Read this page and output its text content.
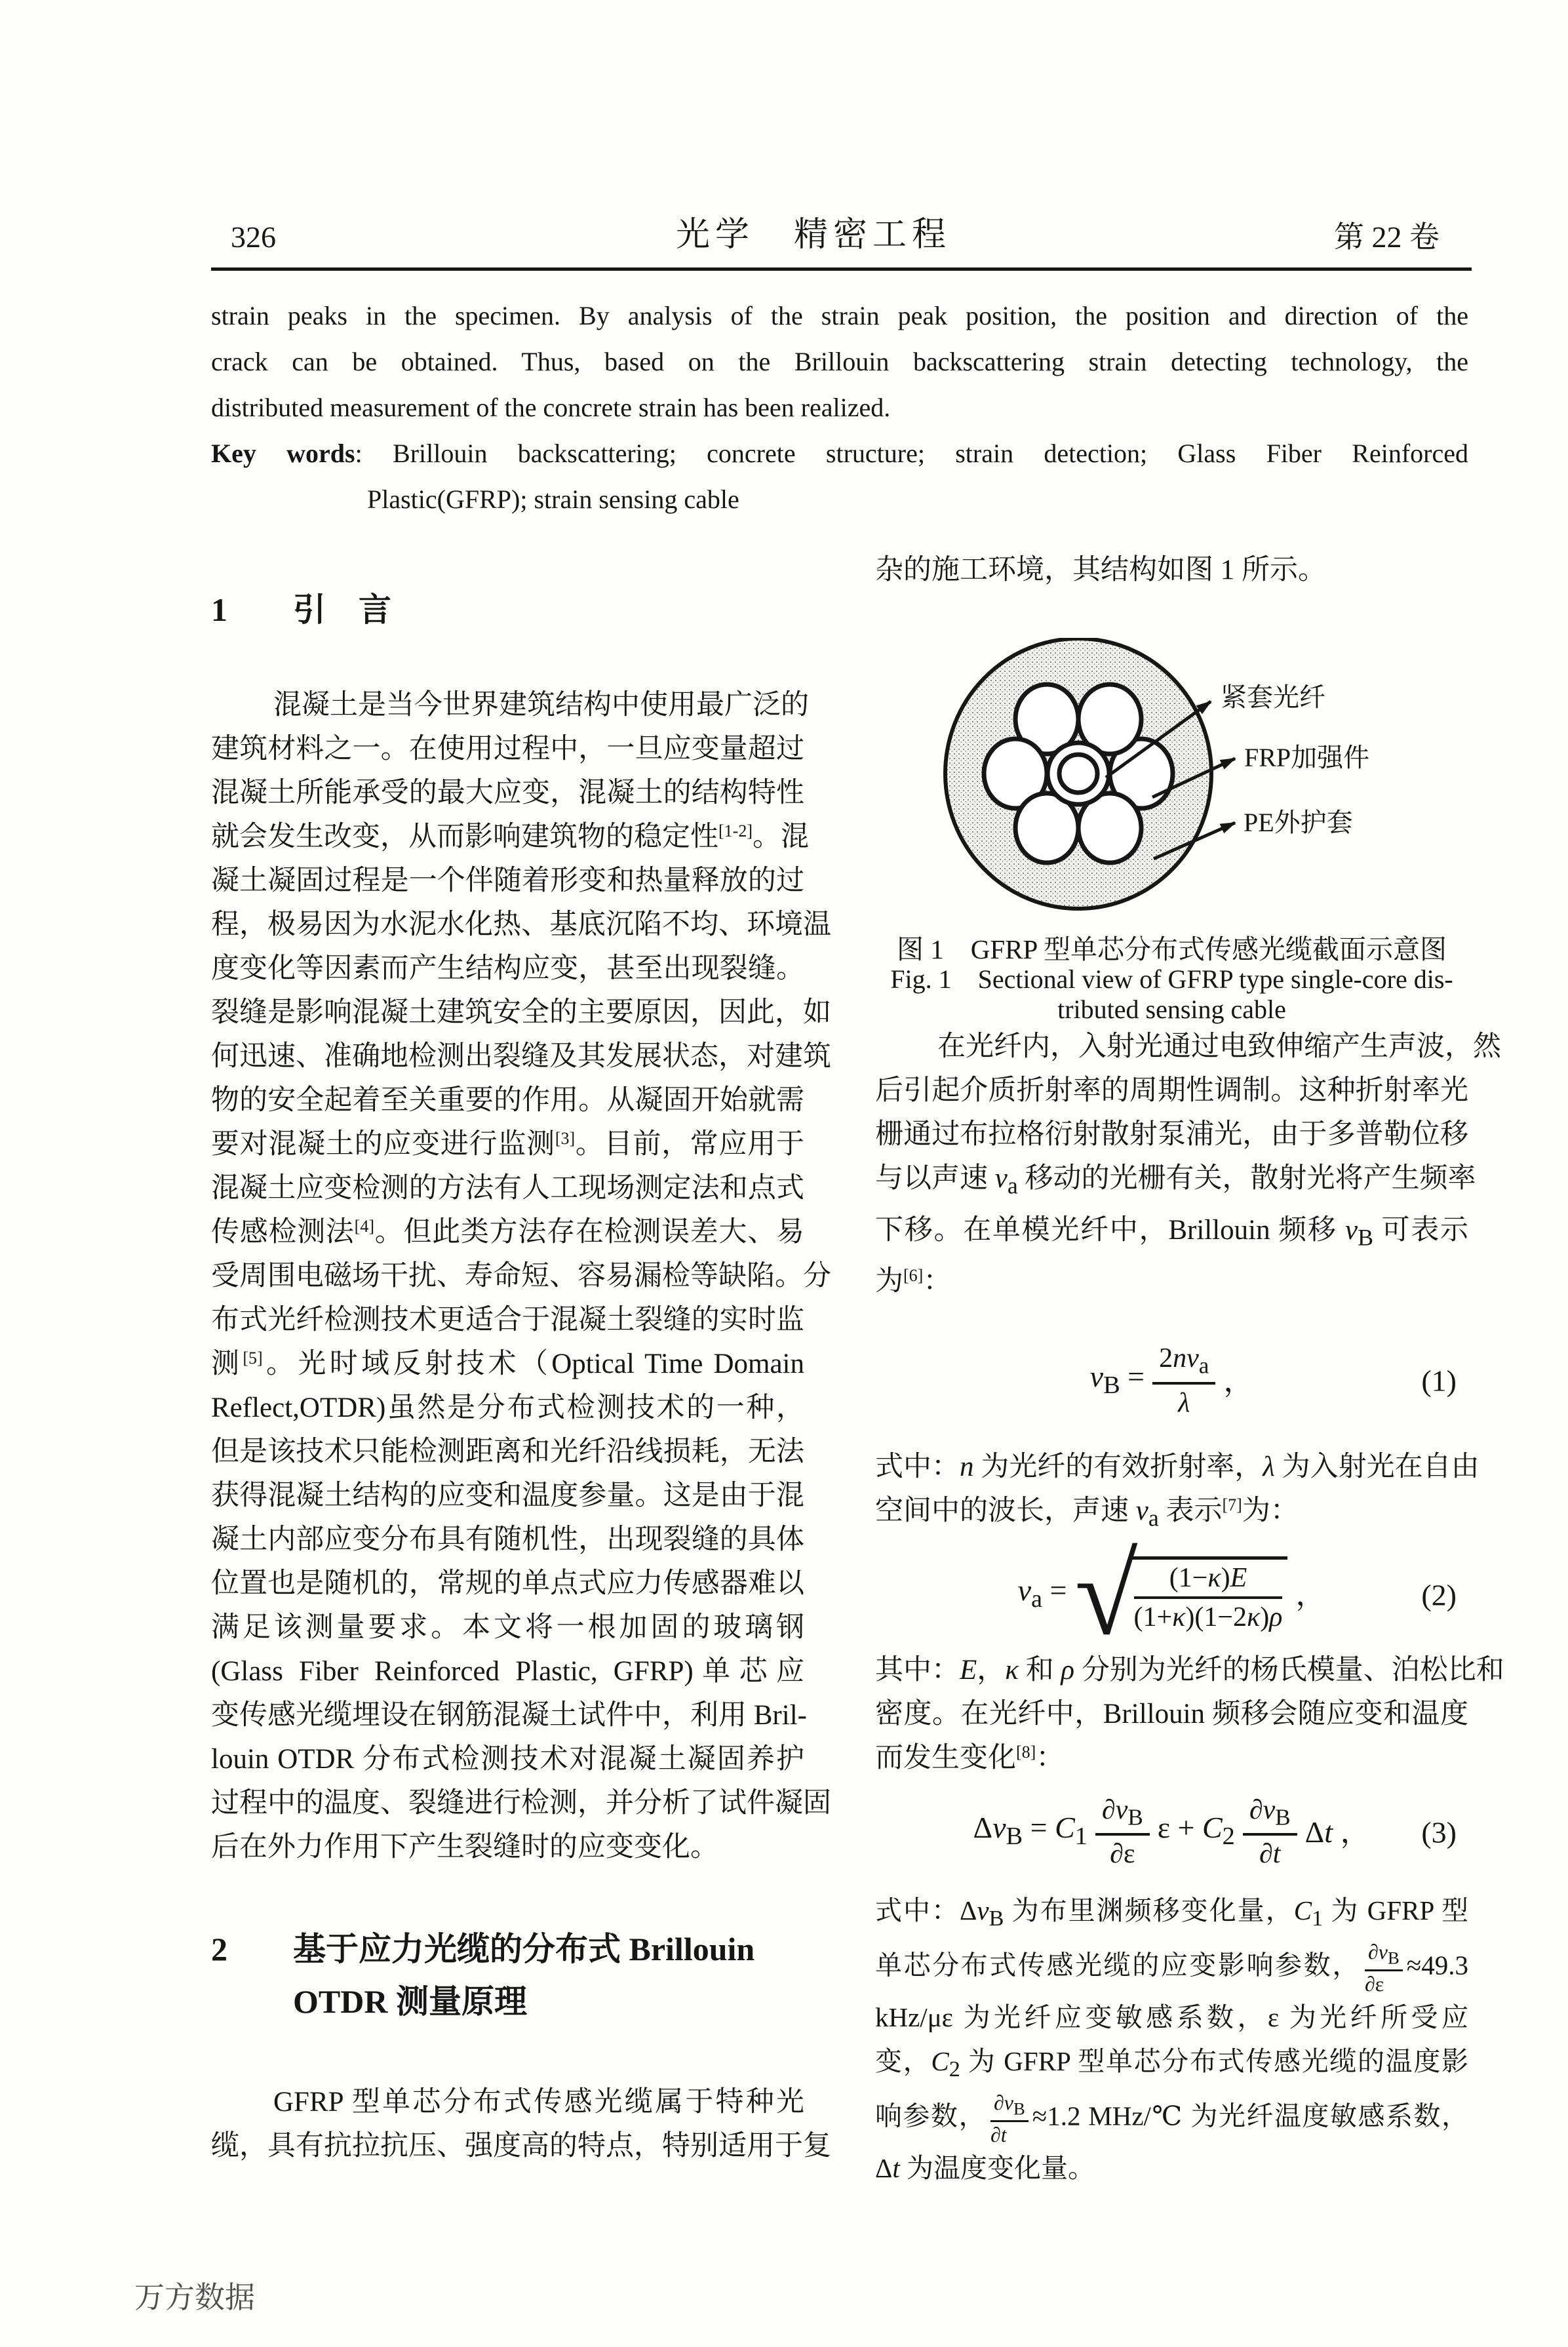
326	光学　精密工程	第 22 卷
strain peaks in the specimen. By analysis of the strain peak position, the position and direction of the
crack can be obtained. Thus, based on the Brillouin backscattering strain detecting technology, the
distributed measurement of the concrete strain has been realized.
Key words: Brillouin backscattering; concrete structure; strain detection; Glass Fiber Reinforced
Plastic(GFRP); strain sensing cable
1	引　言
混凝土是当今世界建筑结构中使用最广泛的
建筑材料之一。在使用过程中，一旦应变量超过
混凝土所能承受的最大应变，混凝土的结构特性
就会发生改变，从而影响建筑物的稳定性[1-2]。混
凝土凝固过程是一个伴随着形变和热量释放的过
程，极易因为水泥水化热、基底沉陷不均、环境温
度变化等因素而产生结构应变，甚至出现裂缝。
裂缝是影响混凝土建筑安全的主要原因，因此，如
何迅速、准确地检测出裂缝及其发展状态，对建筑
物的安全起着至关重要的作用。从凝固开始就需
要对混凝土的应变进行监测[3]。目前，常应用于
混凝土应变检测的方法有人工现场测定法和点式
传感检测法[4]。但此类方法存在检测误差大、易
受周围电磁场干扰、寿命短、容易漏检等缺陷。分
布式光纤检测技术更适合于混凝土裂缝的实时监
测[5]。光时域反射技术（Optical Time Domain
Reflect,OTDR)虽然是分布式检测技术的一种，
但是该技术只能检测距离和光纤沿线损耗，无法
获得混凝土结构的应变和温度参量。这是由于混
凝土内部应变分布具有随机性，出现裂缝的具体
位置也是随机的，常规的单点式应力传感器难以
满足该测量要求。本文将一根加固的玻璃钢
(Glass Fiber Reinforced Plastic, GFRP)单芯应
变传感光缆埋设在钢筋混凝土试件中，利用 Bril-
louin OTDR 分布式检测技术对混凝土凝固养护
过程中的温度、裂缝进行检测，并分析了试件凝固
后在外力作用下产生裂缝时的应变变化。
2 基于应力光缆的分布式 Brillouin
OTDR 测量原理
GFRP 型单芯分布式传感光缆属于特种光
缆，具有抗拉抗压、强度高的特点，特别适用于复
杂的施工环境，其结构如图 1 所示。
紧套光纤
FRP加强件
PE外护套
图 1　GFRP 型单芯分布式传感光缆截面示意图
Fig. 1　Sectional view of GFRP type single-core dis-
tributed sensing cable
在光纤内，入射光通过电致伸缩产生声波，然
后引起介质折射率的周期性调制。这种折射率光
栅通过布拉格衍射散射泵浦光，由于多普勒位移
与以声速 $v_a$ 移动的光栅有关，散射光将产生频率
下移。在单模光纤中，Brillouin 频移 $\nu_B$ 可表示
为[6]：
$\nu_B = \frac{2nv_a}{\lambda}$ ，	(1)
式中：n 为光纤的有效折射率，λ 为入射光在自由
空间中的波长，声速 $v_a$ 表示[7]为：
$v_a$ = √
$\frac{(1-\kappa)E}{(1+\kappa)(1-2\kappa)\rho}$ ，	(2)
其中：E，κ 和 ρ 分别为光纤的杨氏模量、泊松比和
密度。在光纤中，Brillouin 频移会随应变和温度
而发生变化[8]：
$\Delta\nu_B = C_1 \frac{\partial\nu_B}{\partial\varepsilon}$ $\varepsilon + C_2 \frac{\partial\nu_B}{\partial t}$ Δt ， (3)
式中：$\Delta\nu_B$ 为布里渊频移变化量，$C_1$ 为 GFRP 型
单芯分布式传感光缆的应变影响参数， $\frac{\partial\nu_B}{\partial\varepsilon} \approx 49.3$
kHz/με 为光纤应变敏感系数，ε 为光纤所受应
变，$C_2$ 为 GFRP 型单芯分布式传感光缆的温度影
响参数， $\frac{\partial\nu_B}{\partial t} \approx 1.2$ MHz/℃ 为光纤温度敏感系数，
Δt 为温度变化量。
万方数据
